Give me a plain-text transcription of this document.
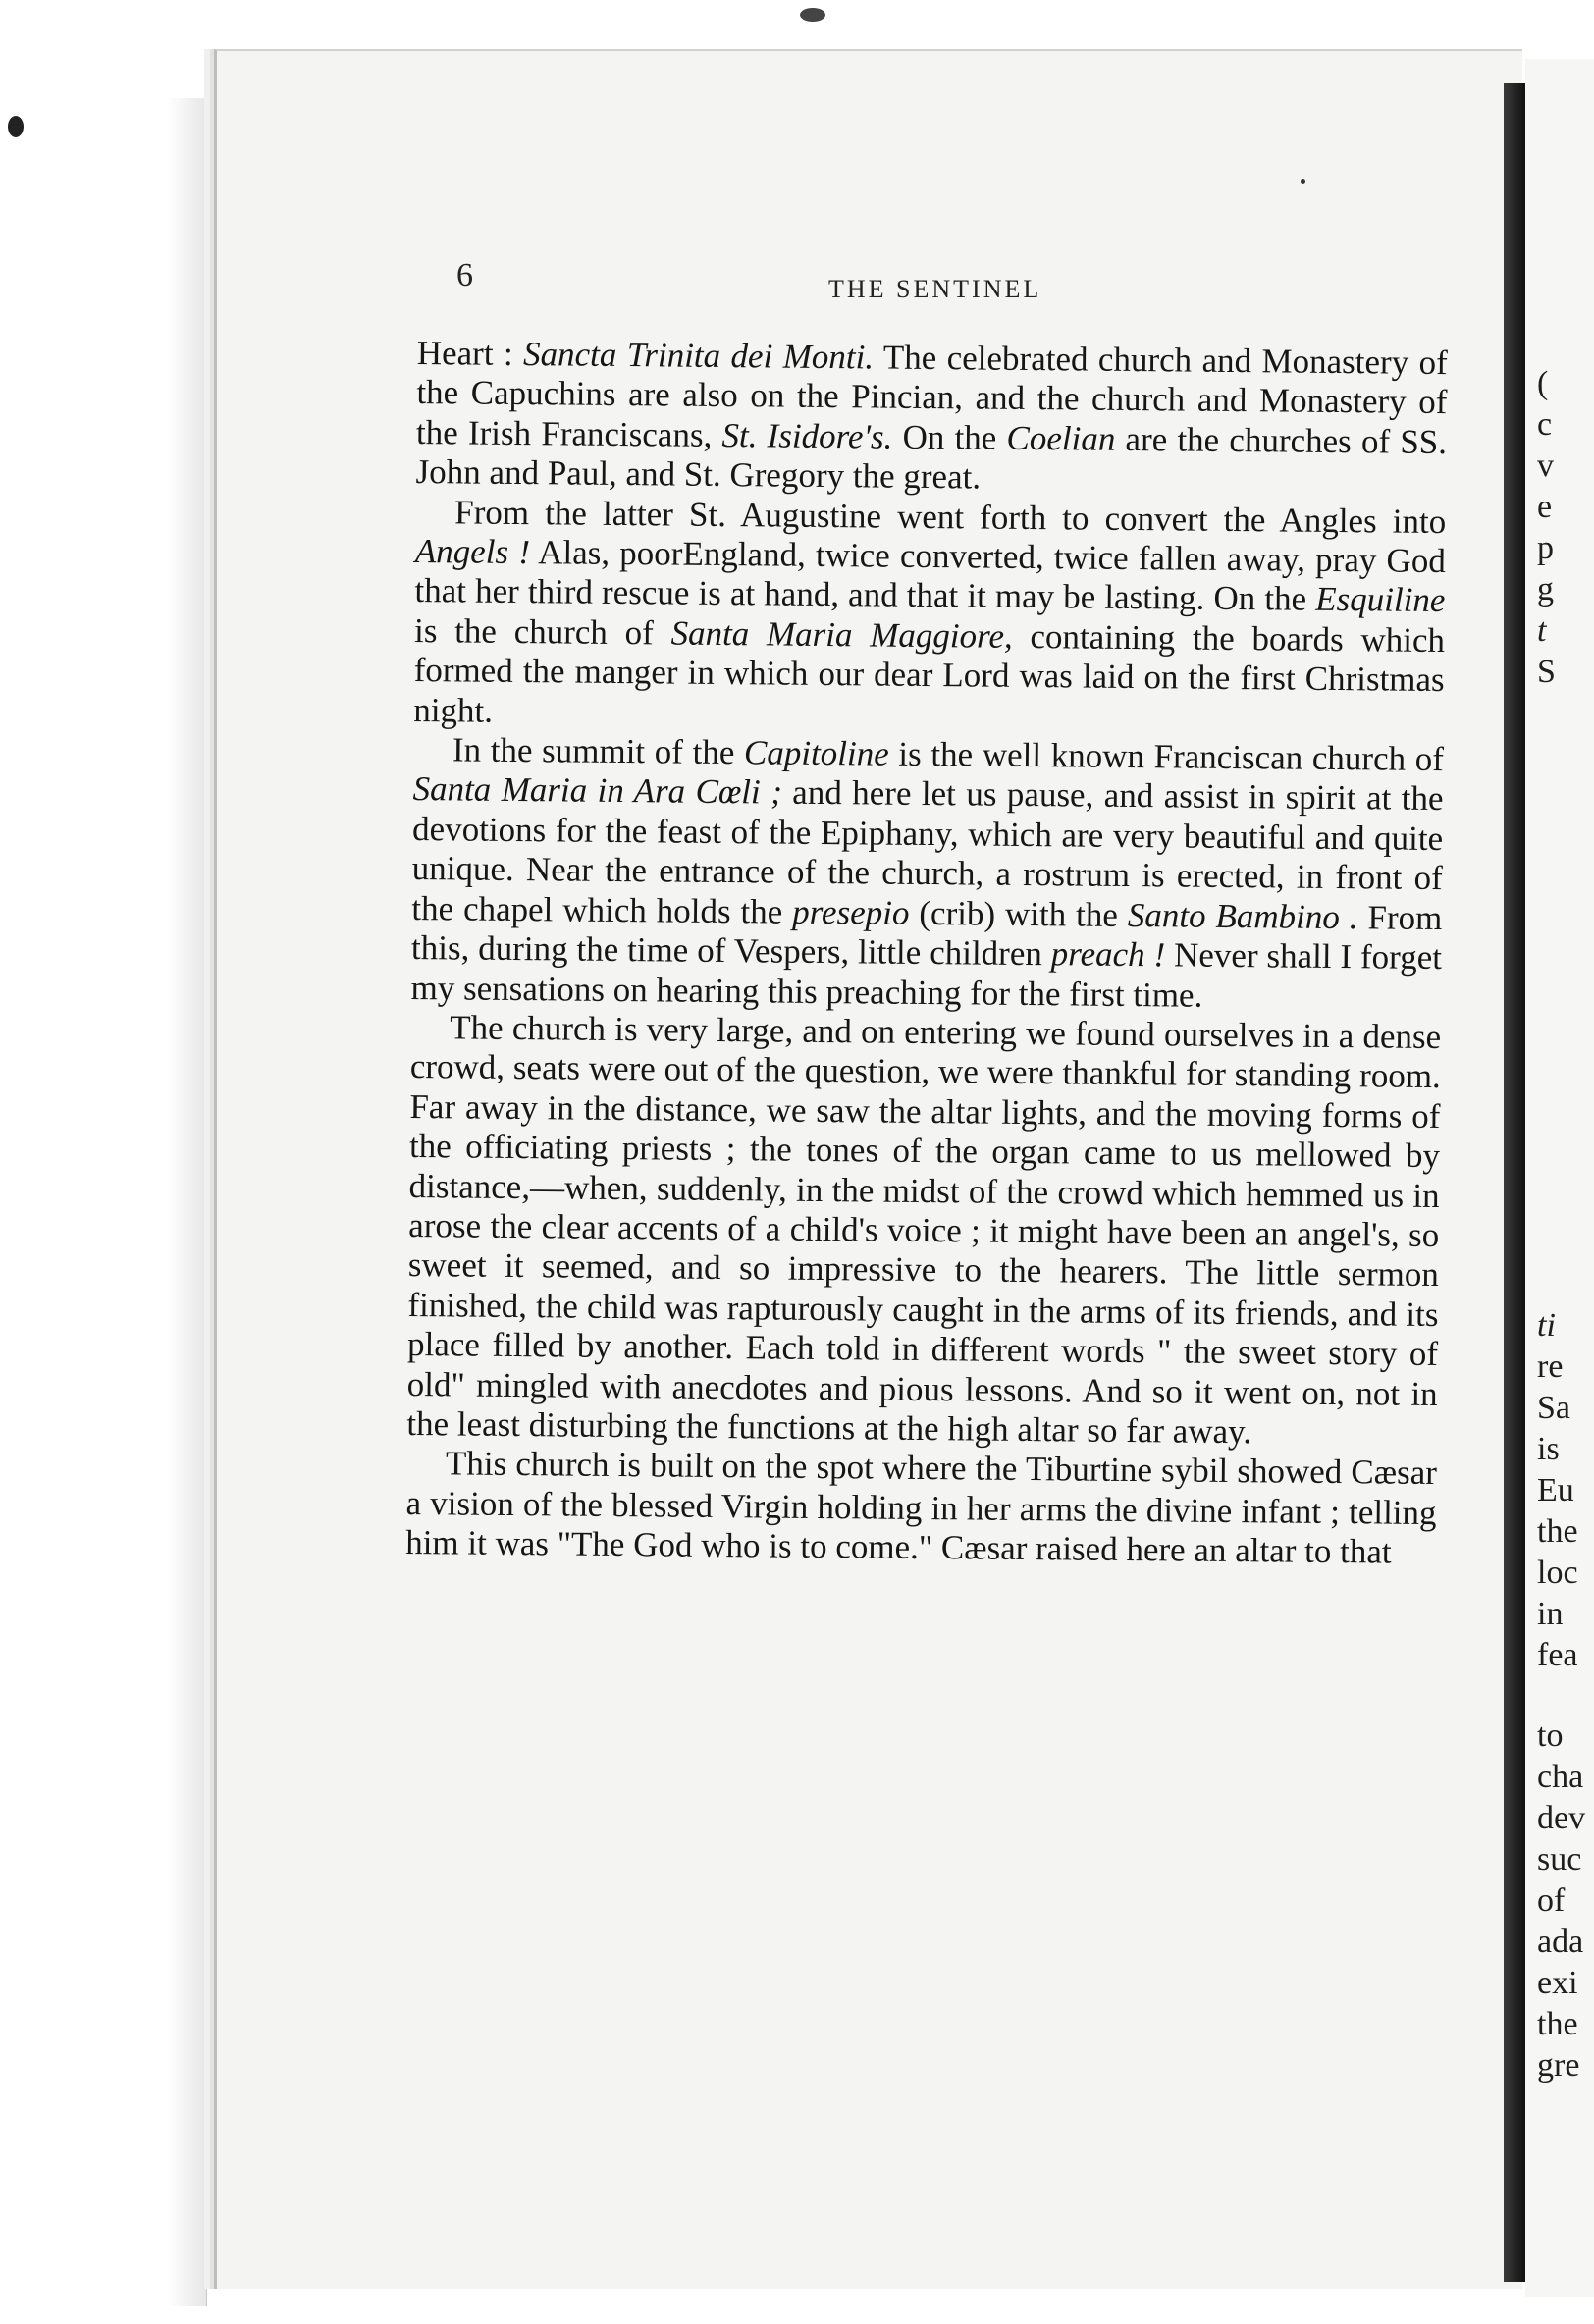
(
c
v
e
p
g
t
S
ti
re
Sa
is
Eu
the
loc
in
fea
to
cha
dev
suc
of
ada
exi
the
gre
6	THE SENTINEL

Heart : Sancta Trinita dei Monti. The celebrated church and Monastery of the Capuchins are also on the Pincian, and the church and Monastery of the Irish Franciscans, St. Isidore's. On the Coelian are the churches of SS. John and Paul, and St. Gregory the great.

From the latter St. Augustine went forth to convert the Angles into Angels ! Alas, poorEngland, twice converted, twice fallen away, pray God that her third rescue is at hand, and that it may be lasting. On the Esquiline is the church of Santa Maria Maggiore, containing the boards which formed the manger in which our dear Lord was laid on the first Christmas night.

In the summit of the Capitoline is the well known Franciscan church of Santa Maria in Ara Cœli ; and here let us pause, and assist in spirit at the devotions for the feast of the Epiphany, which are very beautiful and quite unique. Near the entrance of the church, a rostrum is erected, in front of the chapel which holds the presepio (crib) with the Santo Bambino . From this, during the time of Vespers, little children preach ! Never shall I forget my sensations on hearing this preaching for the first time.

The church is very large, and on entering we found ourselves in a dense crowd, seats were out of the question, we were thankful for standing room. Far away in the distance, we saw the altar lights, and the moving forms of the officiating priests ; the tones of the organ came to us mellowed by distance,—when, suddenly, in the midst of the crowd which hemmed us in arose the clear accents of a child's voice ; it might have been an angel's, so sweet it seemed, and so impressive to the hearers. The little sermon finished, the child was rapturously caught in the arms of its friends, and its place filled by another. Each told in different words " the sweet story of old" mingled with anecdotes and pious lessons. And so it went on, not in the least disturbing the functions at the high altar so far away.

This church is built on the spot where the Tiburtine sybil showed Cæsar a vision of the blessed Virgin holding in her arms the divine infant ; telling him it was "The God who is to come." Cæsar raised here an altar to that
